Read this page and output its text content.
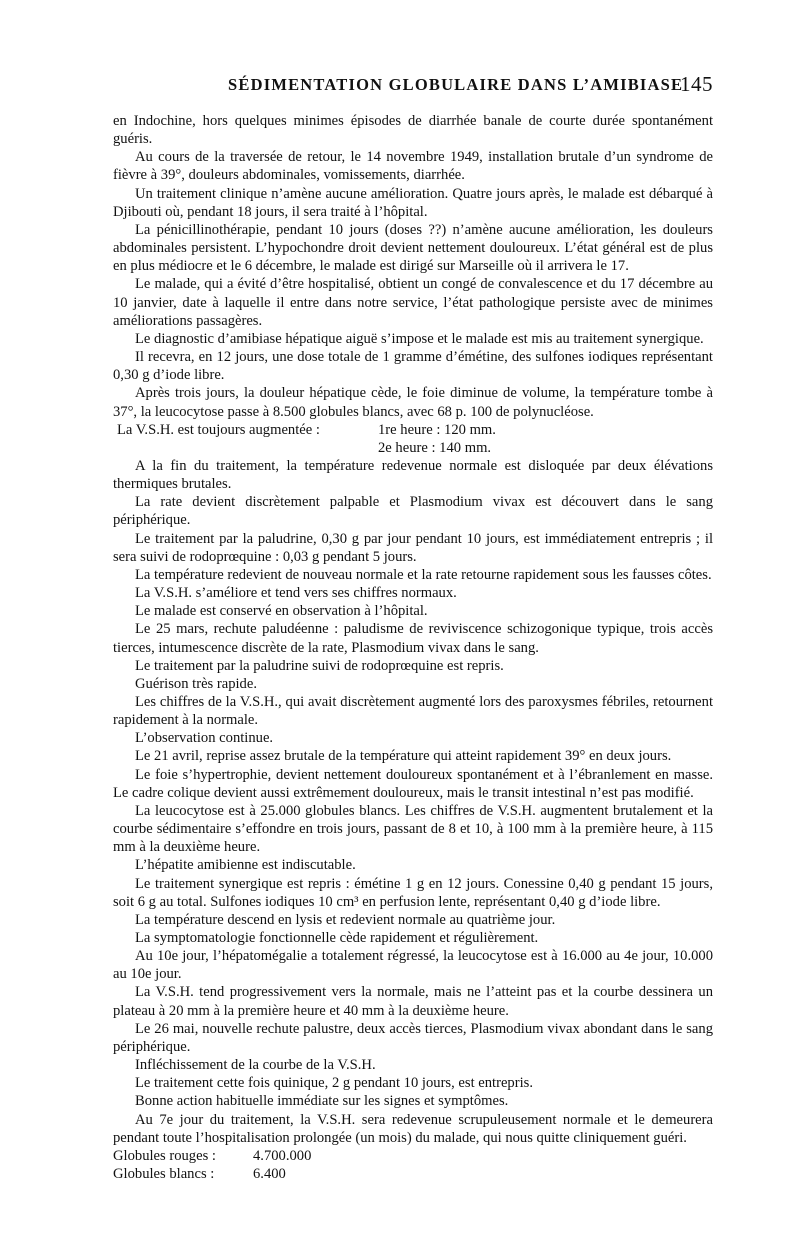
SÉDIMENTATION GLOBULAIRE DANS L’AMIBIASE
145

en Indochine, hors quelques minimes épisodes de diarrhée banale de courte durée spontanément guéris.

Au cours de la traversée de retour, le 14 novembre 1949, installation brutale d’un syndrome de fièvre à 39°, douleurs abdominales, vomissements, diarrhée.

Un traitement clinique n’amène aucune amélioration. Quatre jours après, le malade est débarqué à Djibouti où, pendant 18 jours, il sera traité à l’hôpital.

La pénicillinothérapie, pendant 10 jours (doses ??) n’amène aucune amélioration, les douleurs abdominales persistent. L’hypochondre droit devient nettement douloureux. L’état général est de plus en plus médiocre et le 6 décembre, le malade est dirigé sur Marseille où il arrivera le 17.

Le malade, qui a évité d’être hospitalisé, obtient un congé de convalescence et du 17 décembre au 10 janvier, date à laquelle il entre dans notre service, l’état pathologique persiste avec de minimes améliorations passagères.

Le diagnostic d’amibiase hépatique aiguë s’impose et le malade est mis au traitement synergique.

Il recevra, en 12 jours, une dose totale de 1 gramme d’émétine, des sulfones iodiques représentant 0,30 g d’iode libre.

Après trois jours, la douleur hépatique cède, le foie diminue de volume, la température tombe à 37°, la leucocytose passe à 8.500 globules blancs, avec 68 p. 100 de polynucléose.

La V.S.H. est toujours augmentée :	1re heure : 120 mm.
2e heure : 140 mm.

A la fin du traitement, la température redevenue normale est disloquée par deux élévations thermiques brutales.

La rate devient discrètement palpable et Plasmodium vivax est découvert dans le sang périphérique.

Le traitement par la paludrine, 0,30 g par jour pendant 10 jours, est immédiatement entrepris ; il sera suivi de rodoprœquine : 0,03 g pendant 5 jours.

La température redevient de nouveau normale et la rate retourne rapidement sous les fausses côtes.

La V.S.H. s’améliore et tend vers ses chiffres normaux.

Le malade est conservé en observation à l’hôpital.

Le 25 mars, rechute paludéenne : paludisme de reviviscence schizogonique typique, trois accès tierces, intumescence discrète de la rate, Plasmodium vivax dans le sang.

Le traitement par la paludrine suivi de rodoprœquine est repris.

Guérison très rapide.

Les chiffres de la V.S.H., qui avait discrètement augmenté lors des paroxysmes fébriles, retournent rapidement à la normale.

L’observation continue.

Le 21 avril, reprise assez brutale de la température qui atteint rapidement 39° en deux jours.

Le foie s’hypertrophie, devient nettement douloureux spontanément et à l’ébranlement en masse. Le cadre colique devient aussi extrêmement douloureux, mais le transit intestinal n’est pas modifié.

La leucocytose est à 25.000 globules blancs. Les chiffres de V.S.H. augmentent brutalement et la courbe sédimentaire s’effondre en trois jours, passant de 8 et 10, à 100 mm à la première heure, à 115 mm à la deuxième heure.

L’hépatite amibienne est indiscutable.

Le traitement synergique est repris : émétine 1 g en 12 jours. Conessine 0,40 g pendant 15 jours, soit 6 g au total. Sulfones iodiques 10 cm³ en perfusion lente, représentant 0,40 g d’iode libre.

La température descend en lysis et redevient normale au quatrième jour.

La symptomatologie fonctionnelle cède rapidement et régulièrement.

Au 10e jour, l’hépatomégalie a totalement régressé, la leucocytose est à 16.000 au 4e jour, 10.000 au 10e jour.

La V.S.H. tend progressivement vers la normale, mais ne l’atteint pas et la courbe dessinera un plateau à 20 mm à la première heure et 40 mm à la deuxième heure.

Le 26 mai, nouvelle rechute palustre, deux accès tierces, Plasmodium vivax abondant dans le sang périphérique.

Infléchissement de la courbe de la V.S.H.

Le traitement cette fois quinique, 2 g pendant 10 jours, est entrepris.

Bonne action habituelle immédiate sur les signes et symptômes.

Au 7e jour du traitement, la V.S.H. sera redevenue scrupuleusement normale et le demeurera pendant toute l’hospitalisation prolongée (un mois) du malade, qui nous quitte cliniquement guéri.

Globules rouges :	4.700.000
Globules blancs :	6.400
